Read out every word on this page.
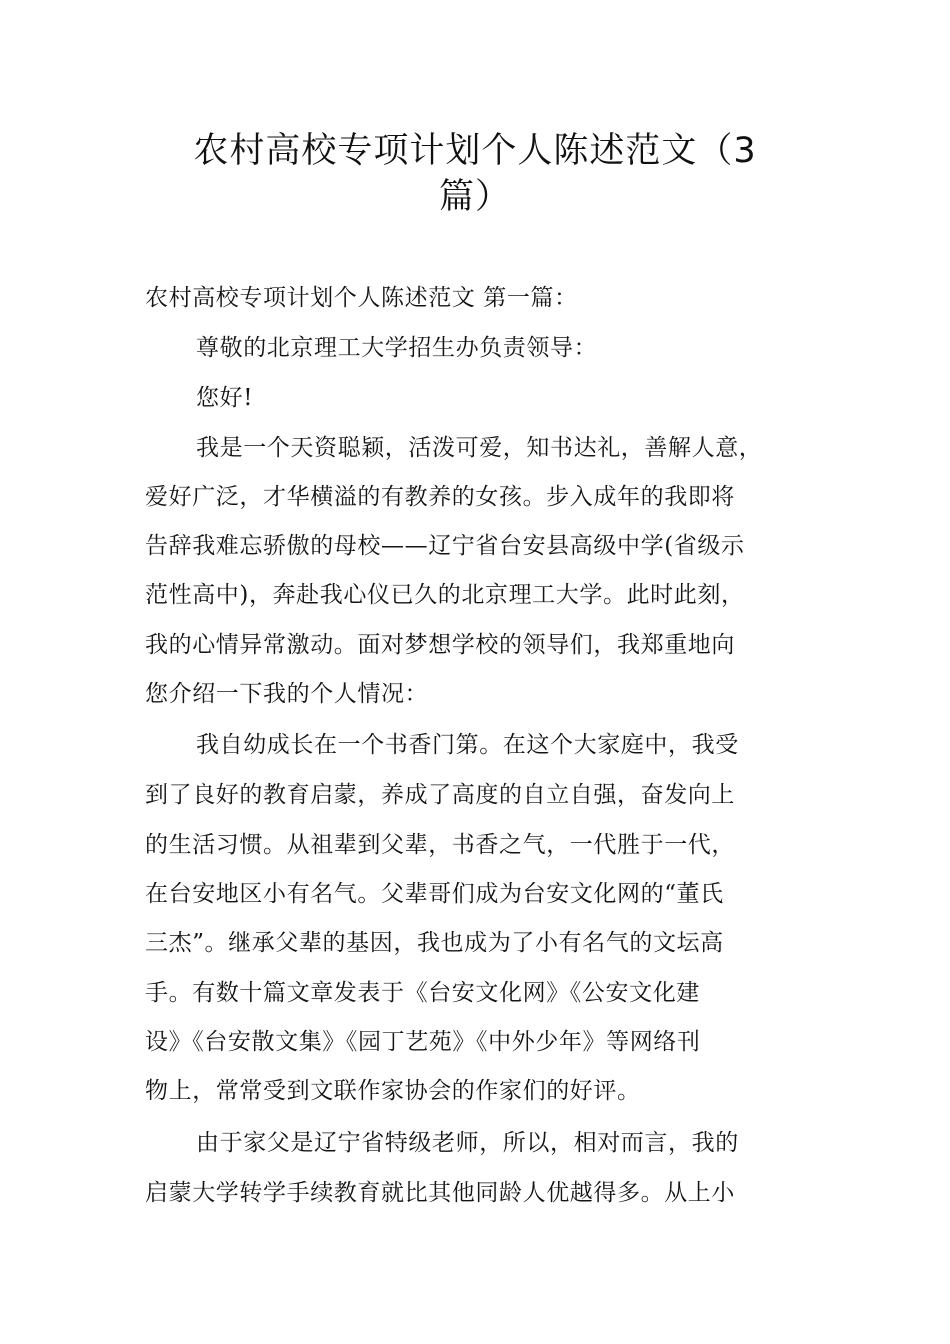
农村高校专项计划个人陈述范文（3
篇）
农村高校专项计划个人陈述范文 第一篇：
尊敬的北京理工大学招生办负责领导：
您好!
我是一个天资聪颖，活泼可爱，知书达礼，善解人意，
爱好广泛，才华横溢的有教养的女孩。步入成年的我即将
告辞我难忘骄傲的母校——辽宁省台安县高级中学(省级示
范性高中)，奔赴我心仪已久的北京理工大学。此时此刻，
我的心情异常激动。面对梦想学校的领导们，我郑重地向
您介绍一下我的个人情况：
我自幼成长在一个书香门第。在这个大家庭中，我受
到了良好的教育启蒙，养成了高度的自立自强，奋发向上
的生活习惯。从祖辈到父辈，书香之气，一代胜于一代，
在台安地区小有名气。父辈哥们成为台安文化网的“董氏
三杰”。继承父辈的基因，我也成为了小有名气的文坛高
手。有数十篇文章发表于《台安文化网》《公安文化建
设》《台安散文集》《园丁艺苑》《中外少年》等网络刊
物上，常常受到文联作家协会的作家们的好评。
由于家父是辽宁省特级老师，所以，相对而言，我的
启蒙大学转学手续教育就比其他同龄人优越得多。从上小
